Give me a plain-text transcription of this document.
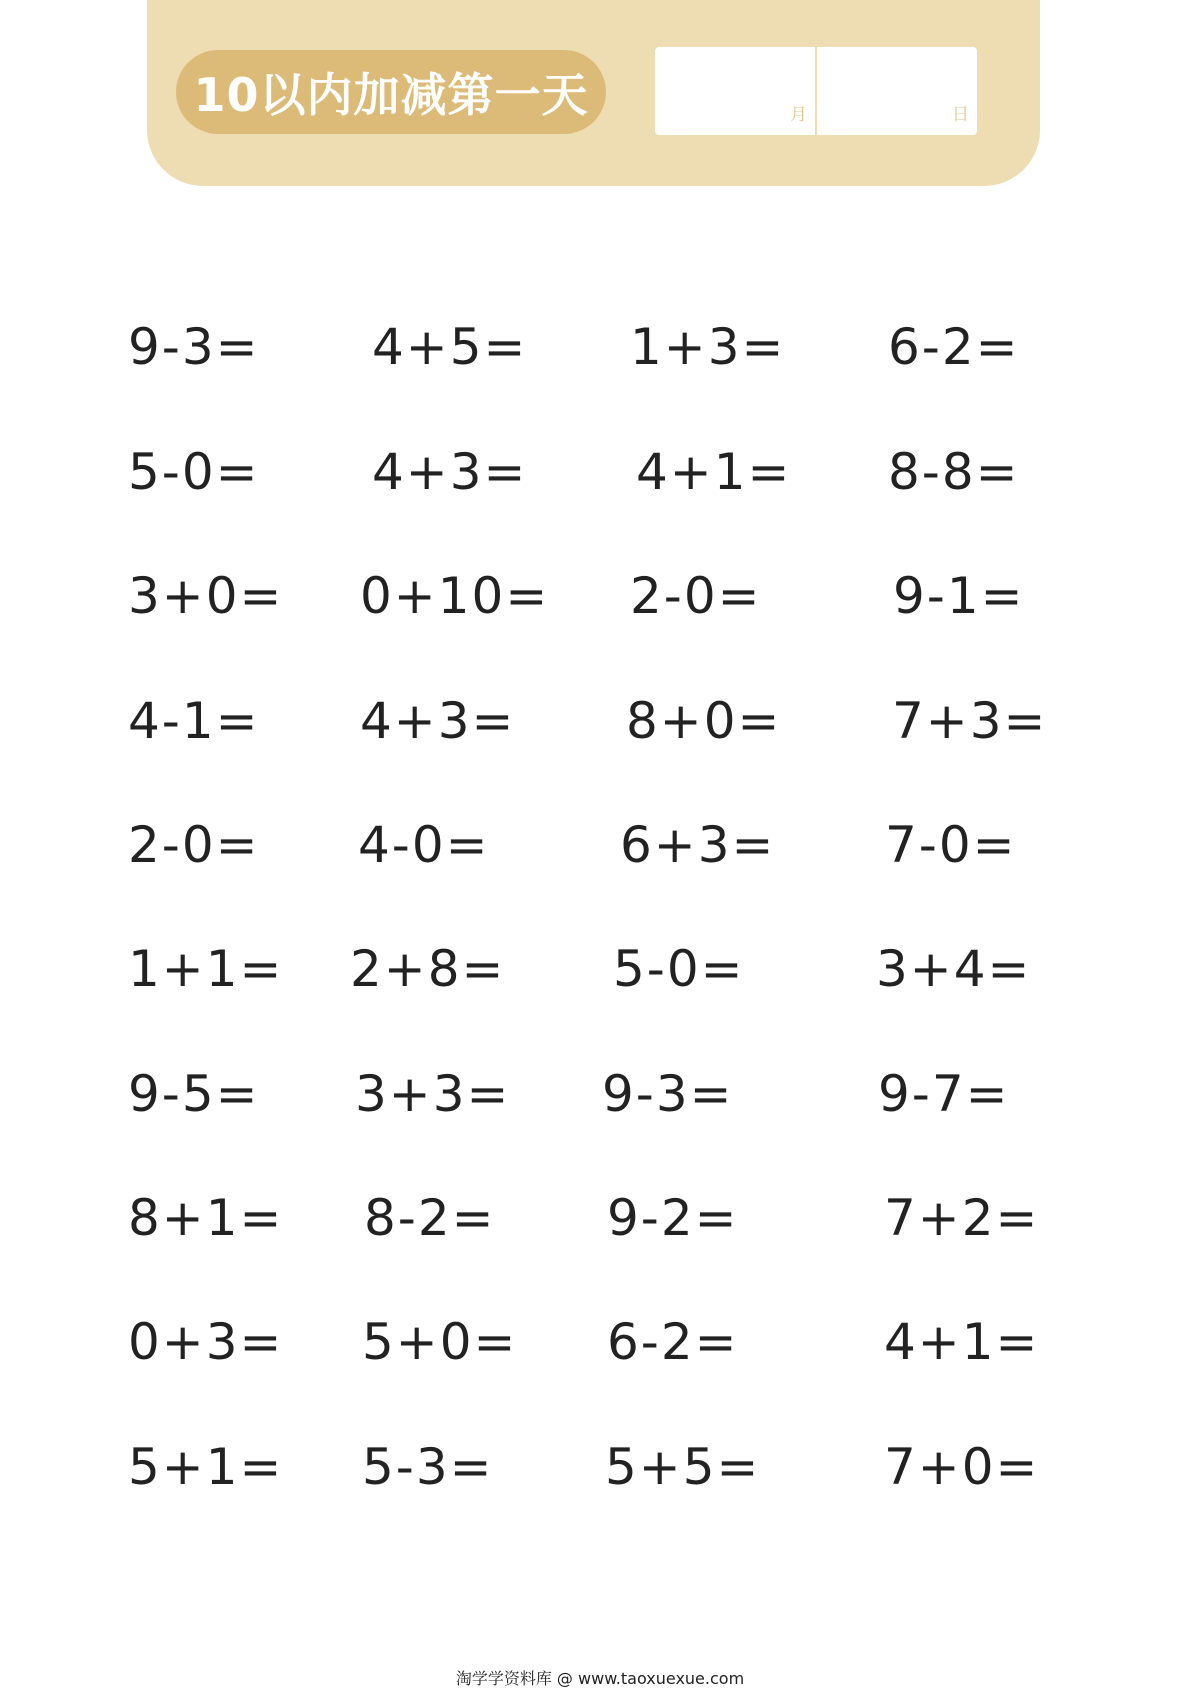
10以内加减第一天	月	日
9-3= 4+5= 1+3= 6-2=
5-0= 4+3= 4+1= 8-8=
3+0= 0+10= 2-0=	9-1=
4-1= 4+3= 8+0= 7+3=
2-0= 4-0=	6+3= 7-0=
1+1= 2+8= 5-0=	3+4=
9-5= 3+3= 9-3=	9-7=
8+1= 8-2= 9-2=	7+2=
0+3= 5+0= 6-2=	4+1=
5+1= 5-3= 5+5= 7+0=
淘学学资料库 @ www.taoxuexue.com
